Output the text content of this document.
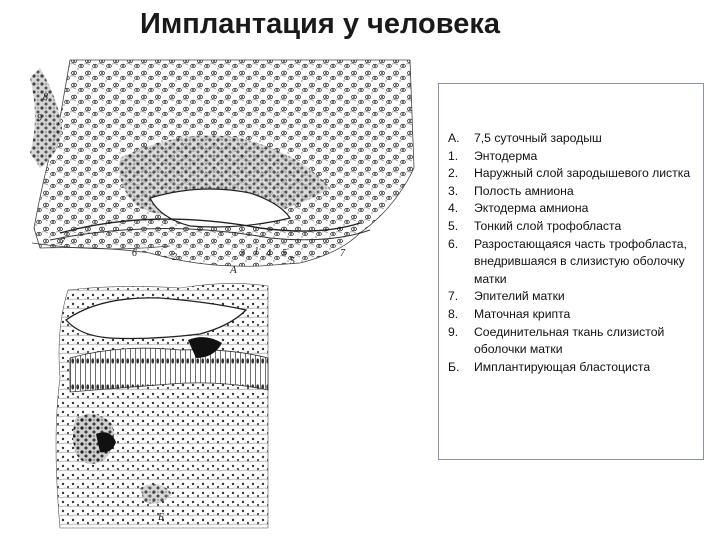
Имплантация у человека
8
9
7
6	2	3 1 4 5
5
7
А
Б
А.	7,5 суточный зародыш
1.	Энтодерма
2.	Наружный слой зародышевого листка
3.	Полость амниона
4.	Эктодерма амниона
5.	Тонкий слой трофобласта
6.	Разростающаяся часть трофобласта, внедрившаяся в слизистую оболочку матки
7.	Эпителий матки
8.	Маточная крипта
9.	Соединительная ткань слизистой оболочки матки
Б.	Имплантирующая бластоциста
